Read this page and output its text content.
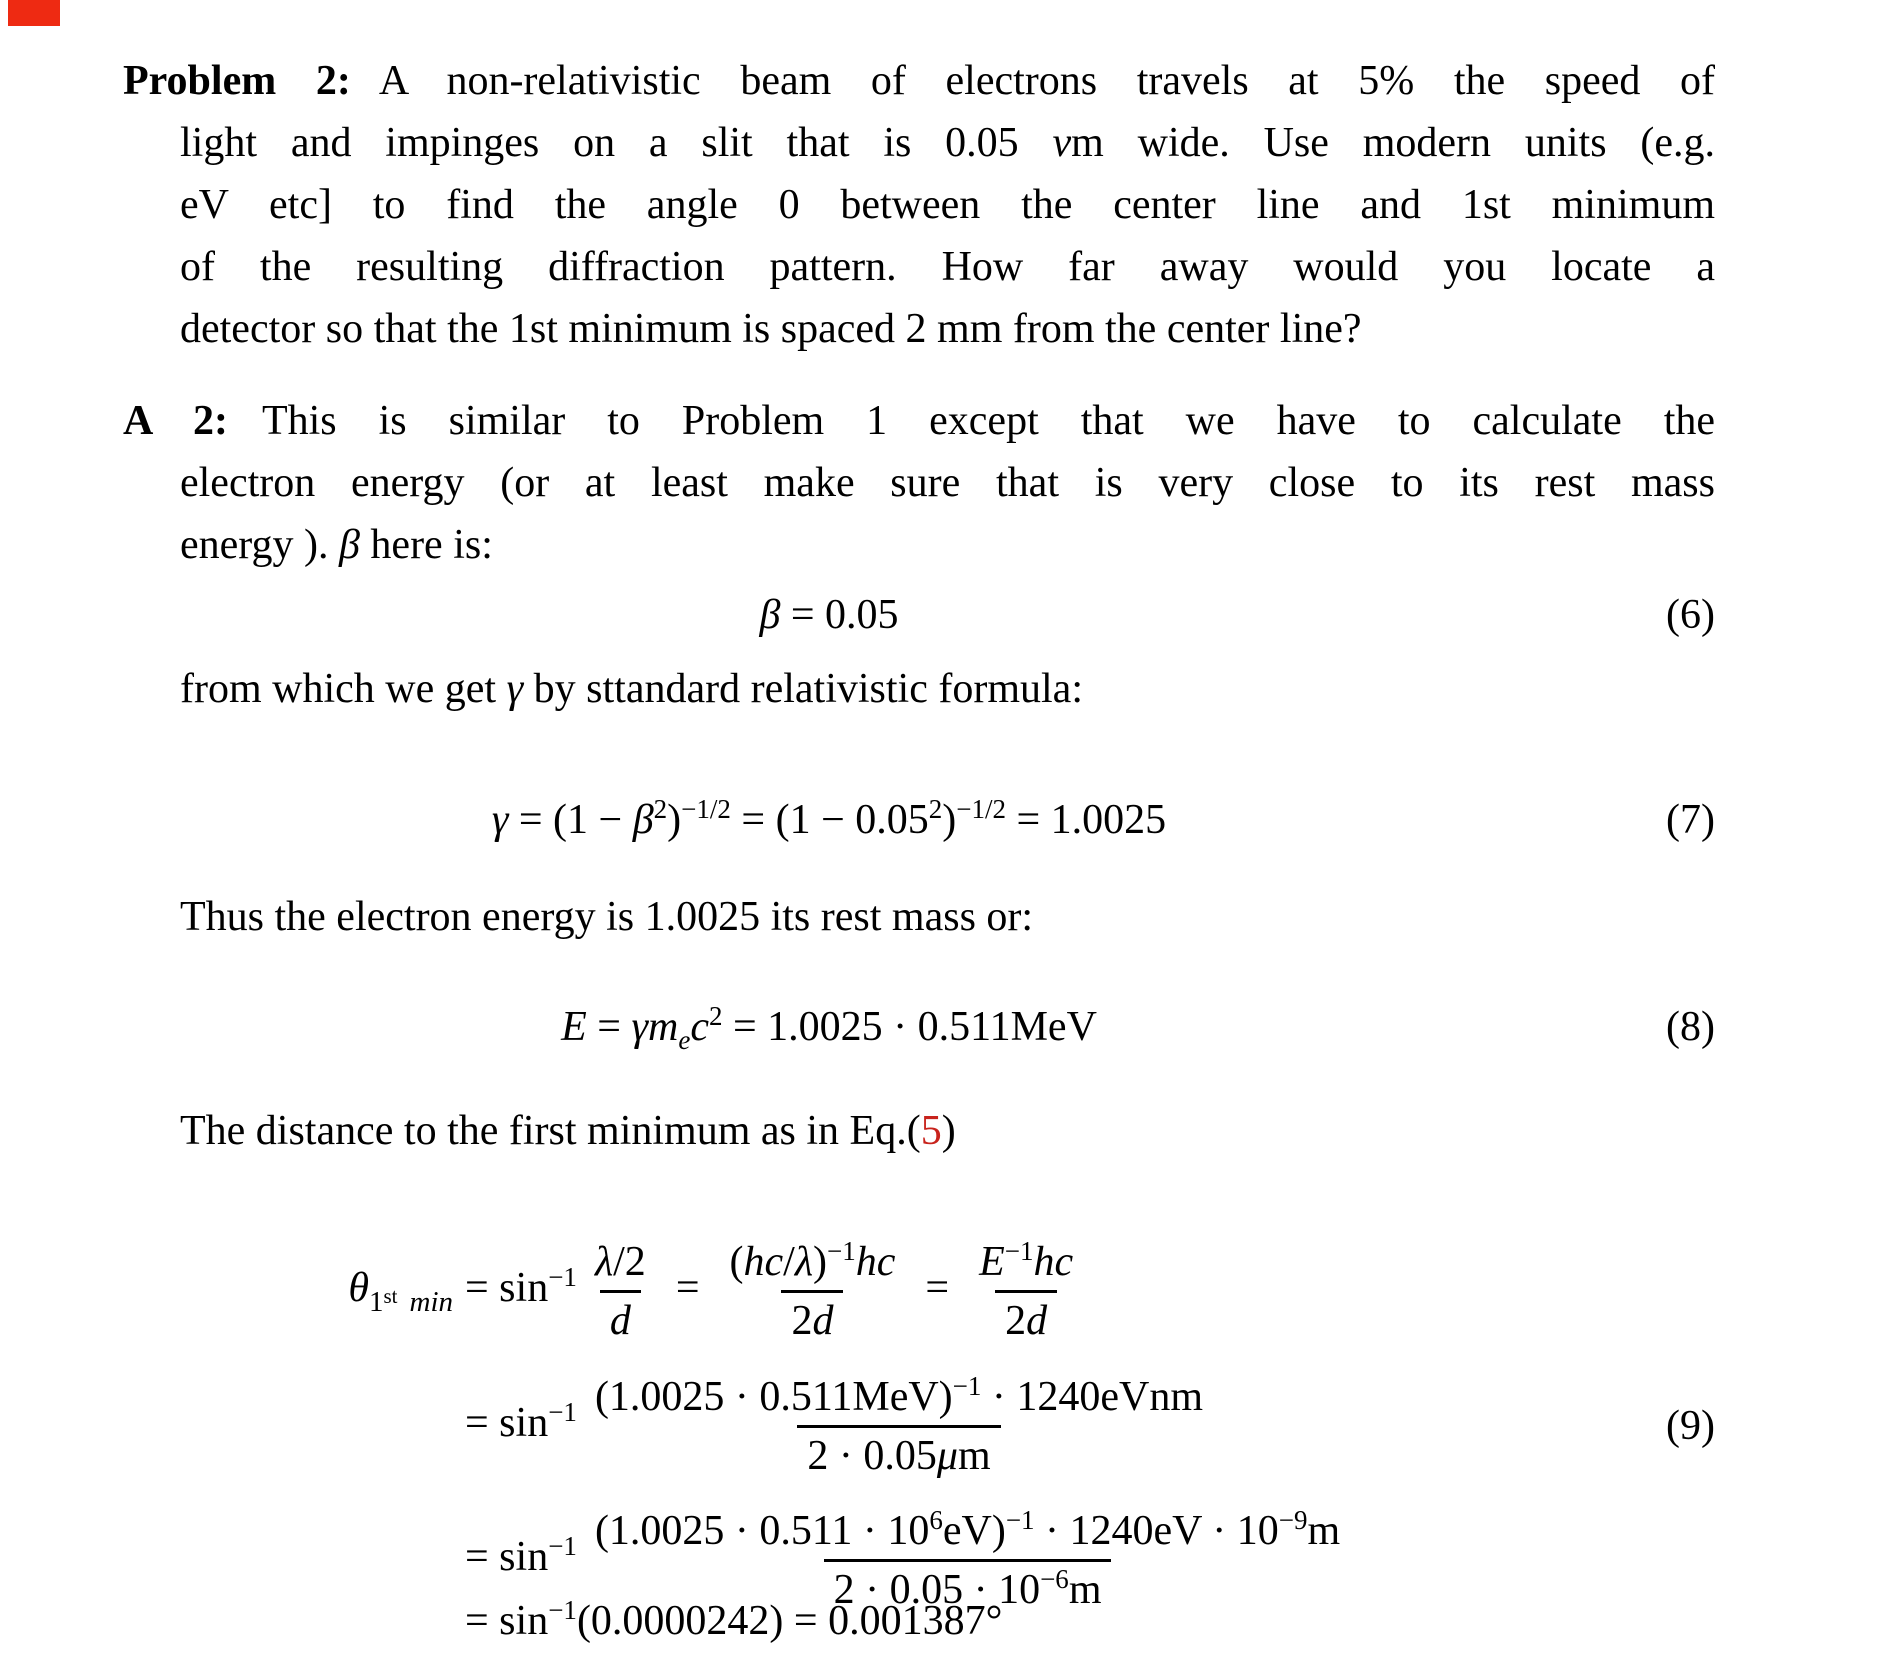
Problem 2: A non-relativistic beam of electrons travels at 5% the speed of
light and impinges on a slit that is 0.05 νm wide. Use modern units (e.g.
eV etc] to find the angle 0 between the center line and 1st minimum
of the resulting diffraction pattern. How far away would you locate a
detector so that the 1st minimum is spaced 2 mm from the center line?
A 2: This is similar to Problem 1 except that we have to calculate the
electron energy (or at least make sure that is very close to its rest mass
energy ). β here is:
β = 0.05	(6)
from which we get γ by sttandard relativistic formula:
$\gamma = (1 - \beta^2)^{-1/2} = (1 - 0.05^2)^{-1/2} = 1.0025$	(7)
Thus the electron energy is 1.0025 its rest mass or:
$E = \gamma m_ec^2 = 1.0025 \cdot 0.511MeV$	(8)
The distance to the first minimum as in Eq.(5)
$\theta_{1^{st} min} = \sin^{-1} \frac{\lambda/2}{d} = \frac{(hc/\lambda)^{-1}hc}{2d} = \frac{E^{-1}hc}{2d}$
= $\sin^{-1} \frac{(1.0025 \cdot 0.511MeV)^{-1} \cdot 1240eVnm}{2 \cdot 0.05\mu m}$
= $\sin^{-1} \frac{(1.0025 \cdot 0.511 \cdot 10^6eV)^{-1} \cdot 1240eV \cdot 10^{-9}m}{2 \cdot 0.05 \cdot 10^{-6}m}$
= $\sin^{-1}(0.0000242) = 0.001387^\circ$
(9)
